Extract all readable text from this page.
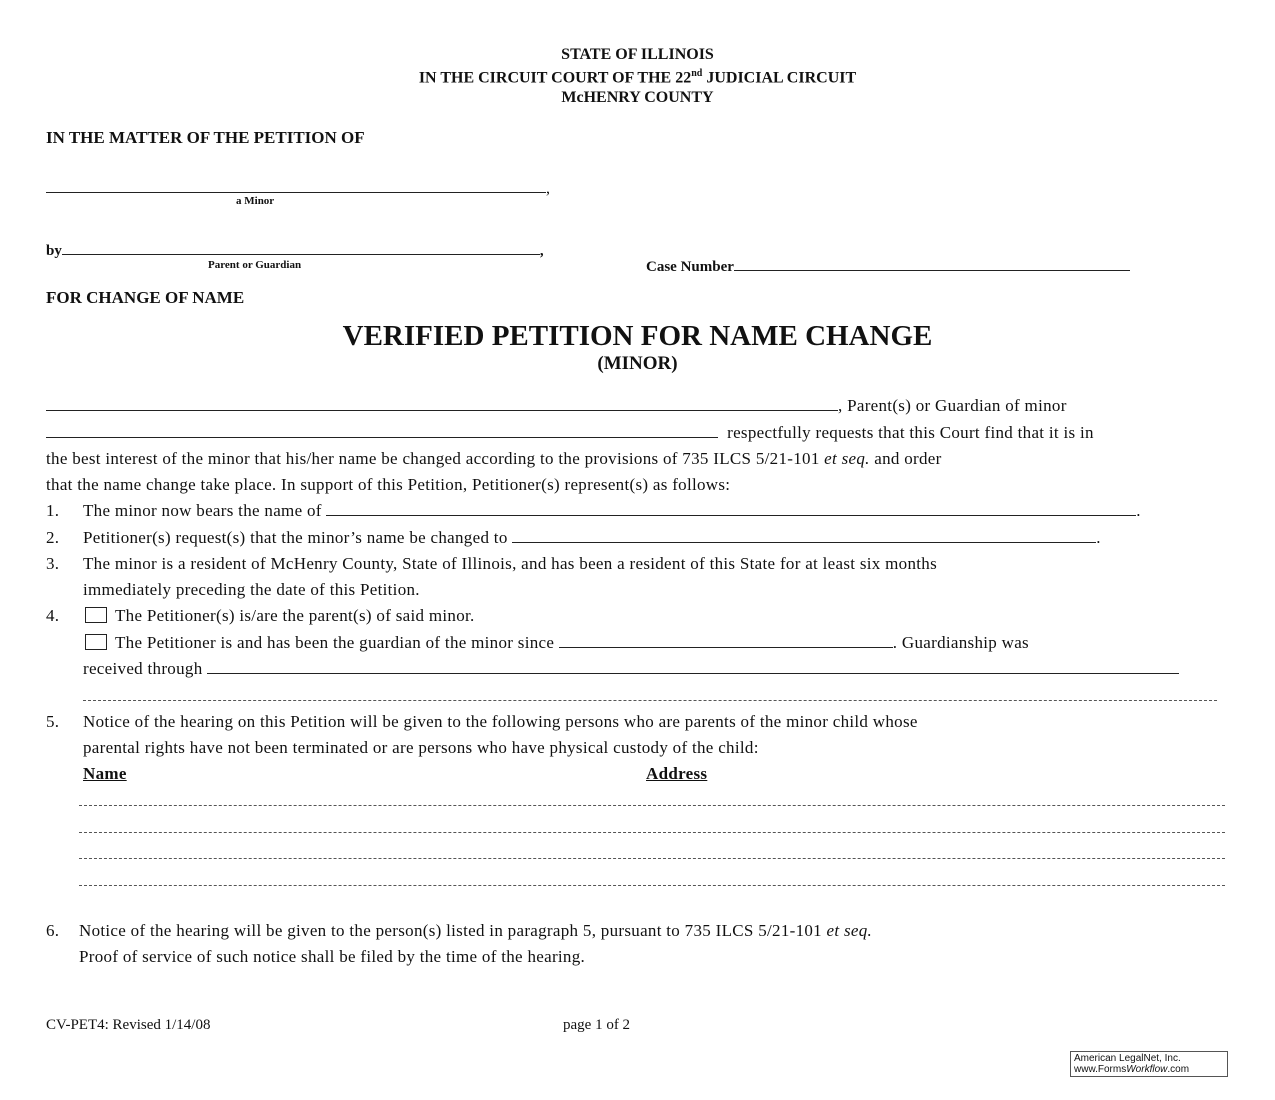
STATE OF ILLINOIS
IN THE CIRCUIT COURT OF THE 22nd JUDICIAL CIRCUIT
McHENRY COUNTY
IN THE MATTER OF THE PETITION OF
,
a Minor
by	,
Parent or Guardian	Case Number
FOR CHANGE OF NAME
VERIFIED PETITION FOR NAME CHANGE
(MINOR)
, Parent(s) or Guardian of minor
respectfully requests that this Court find that it is in
the best interest of the minor that his/her name be changed according to the provisions of 735 ILCS 5/21-101 et seq. and order
that the name change take place. In support of this Petition, Petitioner(s) represent(s) as follows:
1. The minor now bears the name of	.
2. Petitioner(s) request(s) that the minor’s name be changed to	.
3. The minor is a resident of McHenry County, State of Illinois, and has been a resident of this State for at least six months
immediately preceding the date of this Petition.
4.	The Petitioner(s) is/are the parent(s) of said minor.
The Petitioner is and has been the guardian of the minor since	. Guardianship was
received through
5. Notice of the hearing on this Petition will be given to the following persons who are parents of the minor child whose
parental rights have not been terminated or are persons who have physical custody of the child:
Name	Address
6. Notice of the hearing will be given to the person(s) listed in paragraph 5, pursuant to 735 ILCS 5/21-101 et seq.
Proof of service of such notice shall be filed by the time of the hearing.
CV-PET4: Revised 1/14/08	page 1 of 2
American LegalNet, Inc.
www.FormsWorkflow.com
